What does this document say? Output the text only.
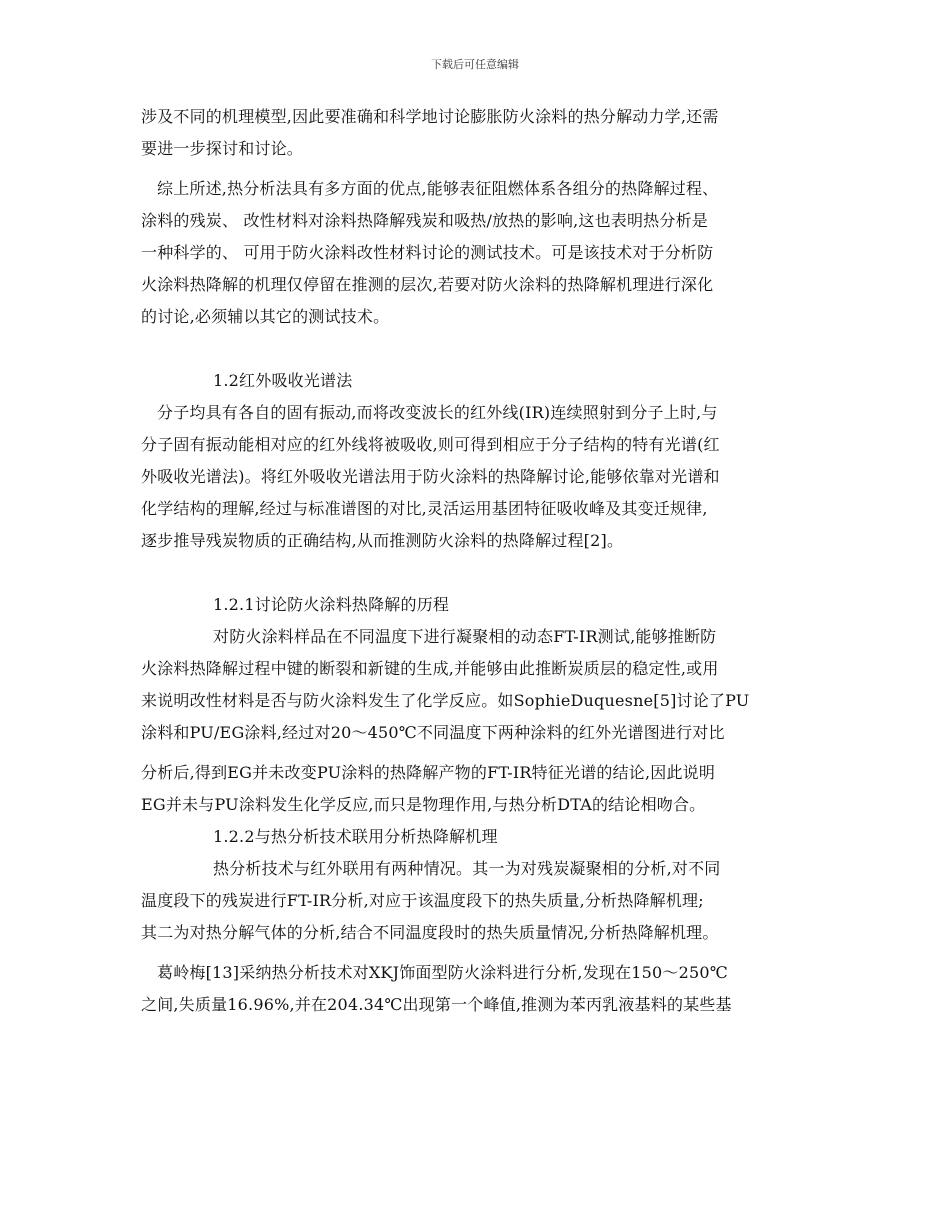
下载后可任意编辑
涉及不同的机理模型,因此要准确和科学地讨论膨胀防火涂料的热分解动力学,还需
要进一步探讨和讨论。
综上所述,热分析法具有多方面的优点,能够表征阻燃体系各组分的热降解过程、
涂料的残炭、 改性材料对涂料热降解残炭和吸热/放热的影响,这也表明热分析是
一种科学的、 可用于防火涂料改性材料讨论的测试技术。可是该技术对于分析防
火涂料热降解的机理仅停留在推测的层次,若要对防火涂料的热降解机理进行深化
的讨论,必须辅以其它的测试技术。
1.2红外吸收光谱法
分子均具有各自的固有振动,而将改变波长的红外线(IR)连续照射到分子上时,与
分子固有振动能相对应的红外线将被吸收,则可得到相应于分子结构的特有光谱(红
外吸收光谱法)。将红外吸收光谱法用于防火涂料的热降解讨论,能够依靠对光谱和
化学结构的理解,经过与标准谱图的对比,灵活运用基团特征吸收峰及其变迁规律,
逐步推导残炭物质的正确结构,从而推测防火涂料的热降解过程[2]。
1.2.1讨论防火涂料热降解的历程
对防火涂料样品在不同温度下进行凝聚相的动态FT-IR测试,能够推断防
火涂料热降解过程中键的断裂和新键的生成,并能够由此推断炭质层的稳定性,或用
来说明改性材料是否与防火涂料发生了化学反应。如SophieDuquesne[5]讨论了PU
涂料和PU/EG涂料,经过对20～450℃不同温度下两种涂料的红外光谱图进行对比
分析后,得到EG并未改变PU涂料的热降解产物的FT-IR特征光谱的结论,因此说明
EG并未与PU涂料发生化学反应,而只是物理作用,与热分析DTA的结论相吻合。
1.2.2与热分析技术联用分析热降解机理
热分析技术与红外联用有两种情况。其一为对残炭凝聚相的分析,对不同
温度段下的残炭进行FT-IR分析,对应于该温度段下的热失质量,分析热降解机理;
其二为对热分解气体的分析,结合不同温度段时的热失质量情况,分析热降解机理。
葛岭梅[13]采纳热分析技术对XKJ饰面型防火涂料进行分析,发现在150～250℃
之间,失质量16.96%,并在204.34℃出现第一个峰值,推测为苯丙乳液基料的某些基
